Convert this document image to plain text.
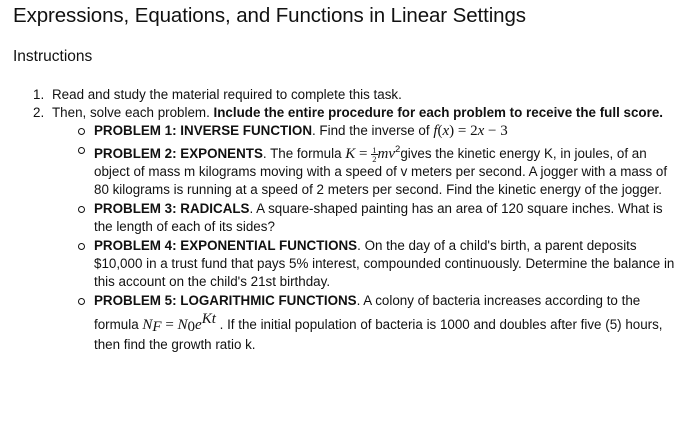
Expressions, Equations, and Functions in Linear Settings
Instructions
1. Read and study the material required to complete this task.
2. Then, solve each problem. Include the entire procedure for each problem to receive the full score.
PROBLEM 1: INVERSE FUNCTION. Find the inverse of f(x) = 2x − 3
PROBLEM 2: EXPONENTS. The formula $K = \frac{1}{2}$ $mv^2gives$ the kinetic energy K, in joules, of an object of mass m kilograms moving with a speed of v meters per second. A jogger with a mass of 80 kilograms is running at a speed of 2 meters per second. Find the kinetic energy of the jogger.
PROBLEM 3: RADICALS. A square-shaped painting has an area of 120 square inches. What is the length of each of its sides?
PROBLEM 4: EXPONENTIAL FUNCTIONS. On the day of a child's birth, a parent deposits $10,000 in a trust fund that pays 5% interest, compounded continuously. Determine the balance in this account on the child's 21st birthday.
PROBLEM 5: LOGARITHMIC FUNCTIONS. A colony of bacteria increases according to the formula $N_F = N_0e^{Kt}$ . If the initial population of bacteria is 1000 and doubles after five (5) hours, then find the growth ratio k.
